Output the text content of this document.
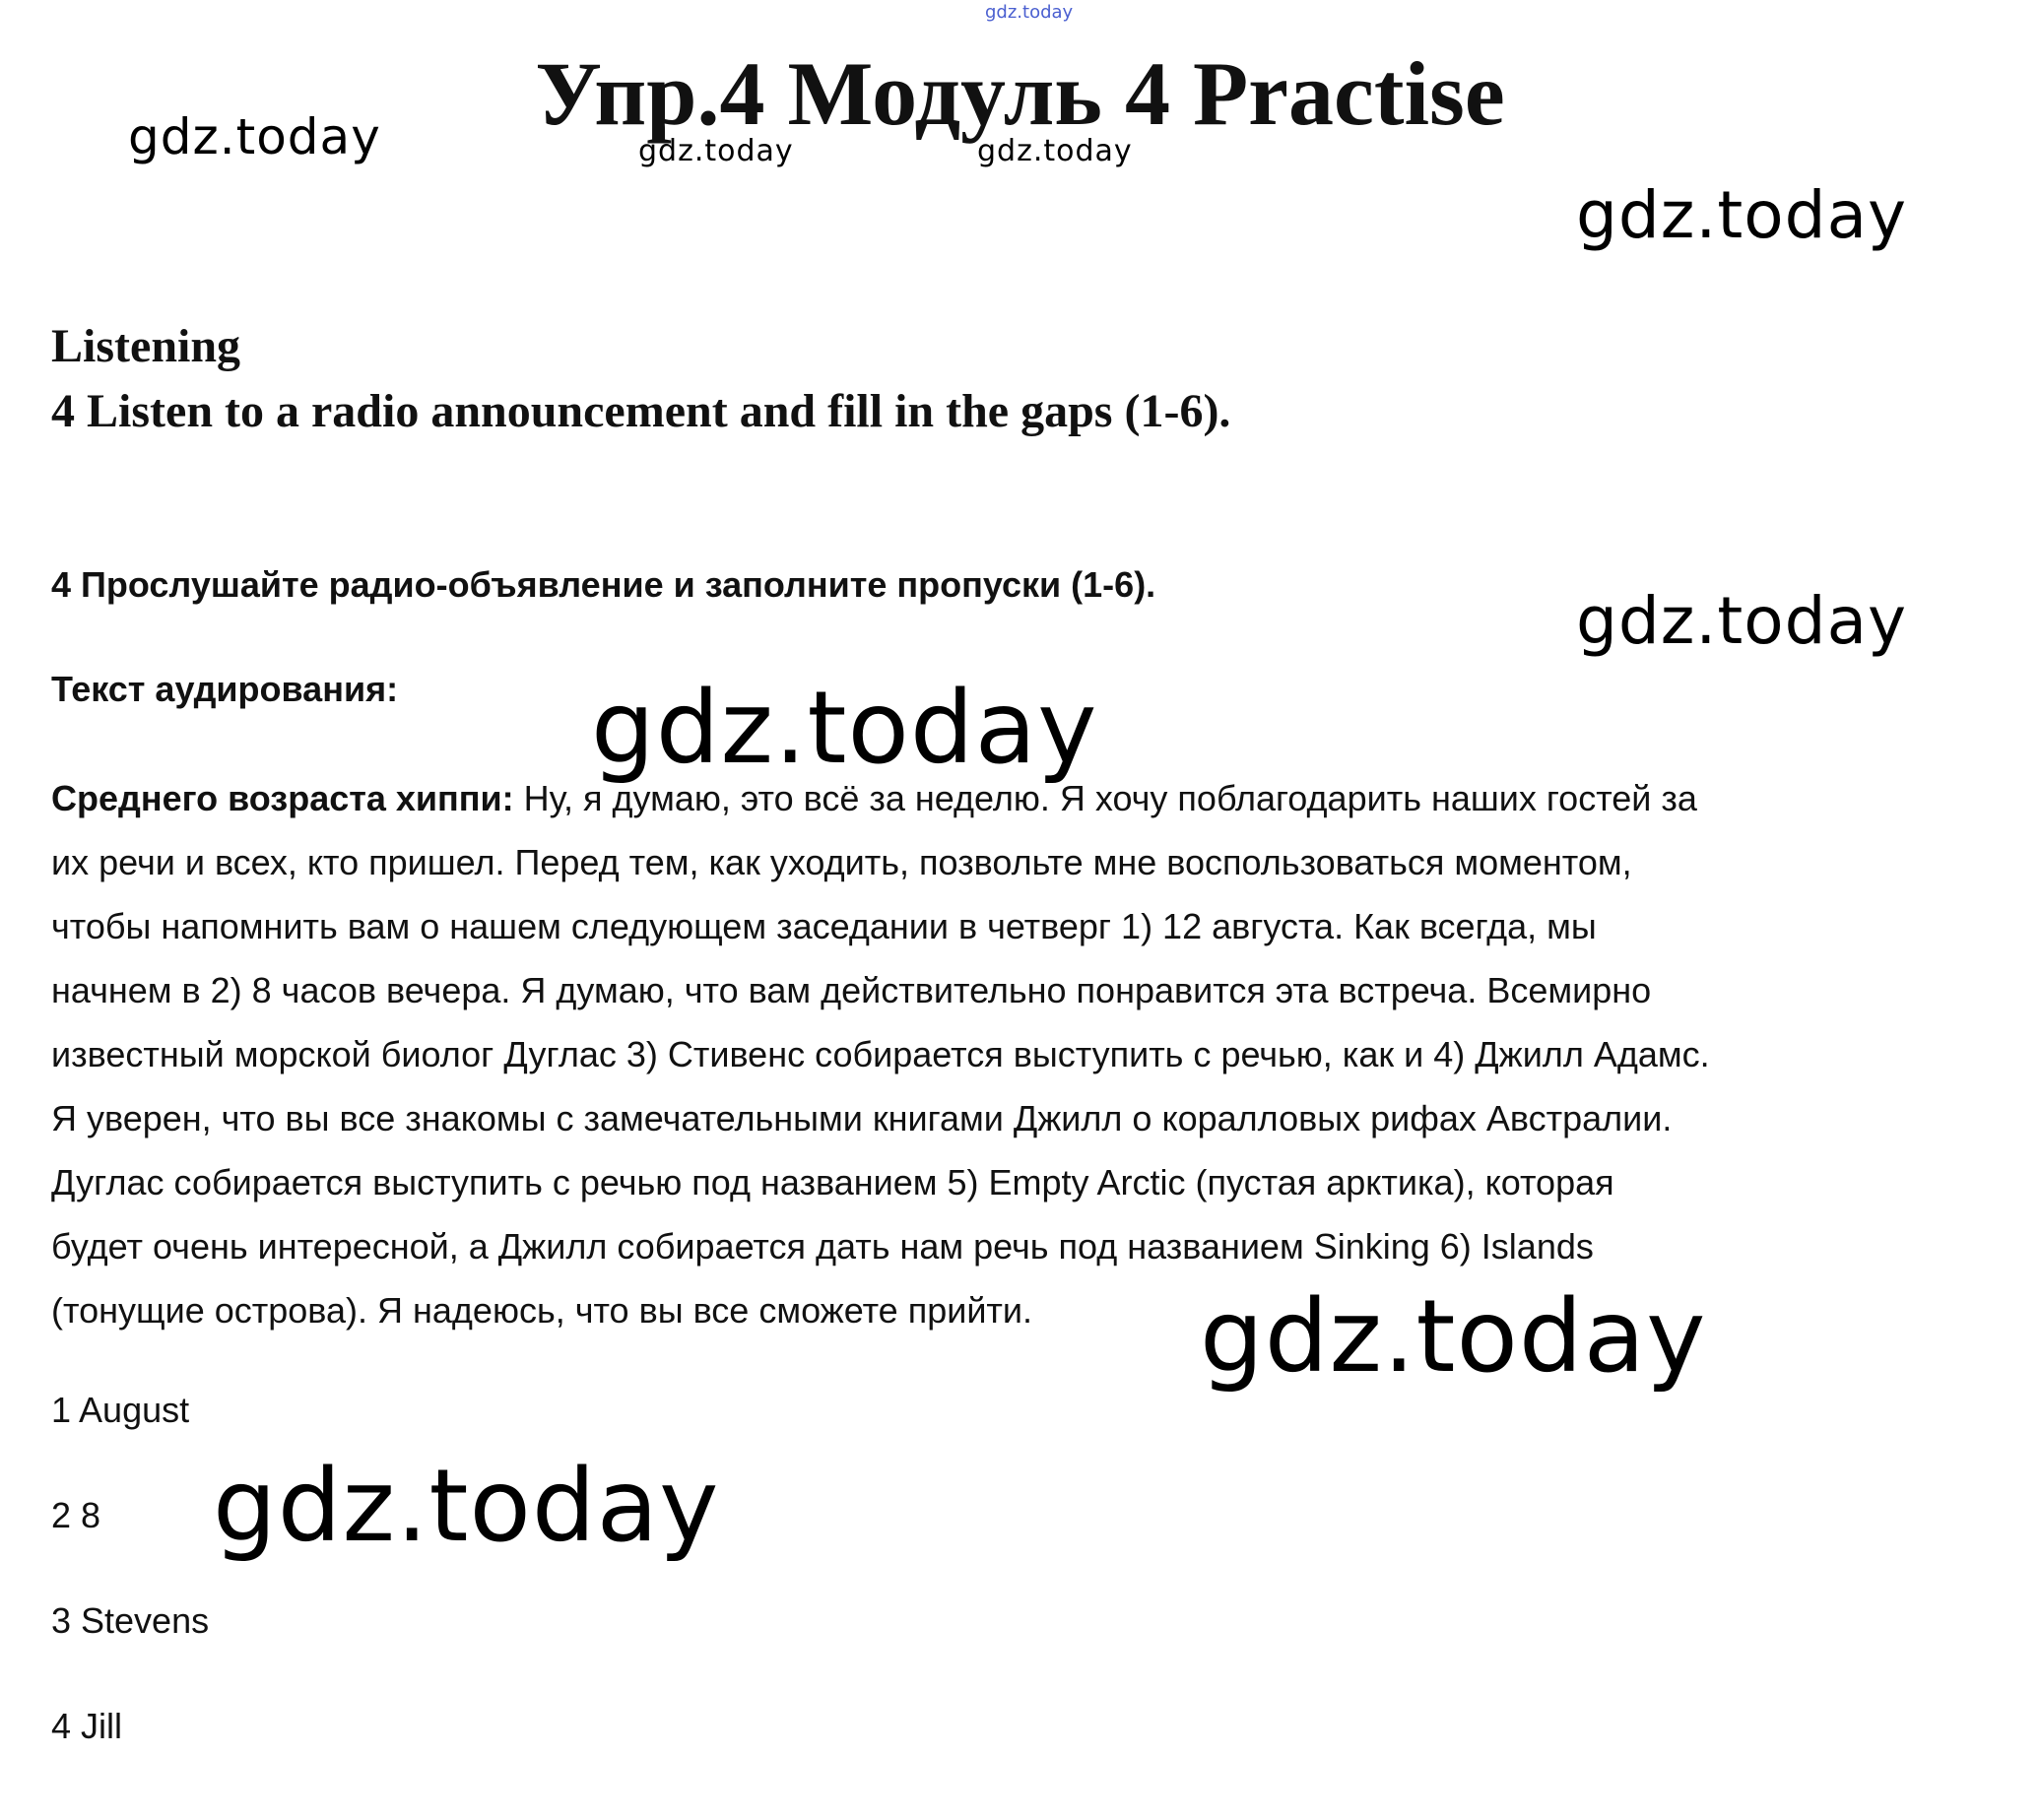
gdz.today
Упр.4 Модуль 4 Practise
Listening
4 Listen to a radio announcement and fill in the gaps (1-6).
4 Прослушайте радио-объявление и заполните пропуски (1-6).
Текст аудирования:
Среднего возраста хиппи: Ну, я думаю, это всё за неделю. Я хочу поблагодарить наших гостей за
их речи и всех, кто пришел. Перед тем, как уходить, позвольте мне воспользоваться моментом,
чтобы напомнить вам о нашем следующем заседании в четверг 1) 12 августа. Как всегда, мы
начнем в 2) 8 часов вечера. Я думаю, что вам действительно понравится эта встреча. Всемирно
известный морской биолог Дуглас 3) Стивенс собирается выступить с речью, как и 4) Джилл Адамс.
Я уверен, что вы все знакомы с замечательными книгами Джилл о коралловых рифах Австралии.
Дуглас собирается выступить с речью под названием 5) Empty Arctic (пустая арктика), которая
будет очень интересной, а Джилл собирается дать нам речь под названием Sinking 6) Islands
(тонущие острова). Я надеюсь, что вы все сможете прийти.
1 August
2 8
3 Stevens
4 Jill
gdz.today	gdz.today	gdz.today
gdz.today
gdz.today
gdz.today
gdz.today
gdz.today
